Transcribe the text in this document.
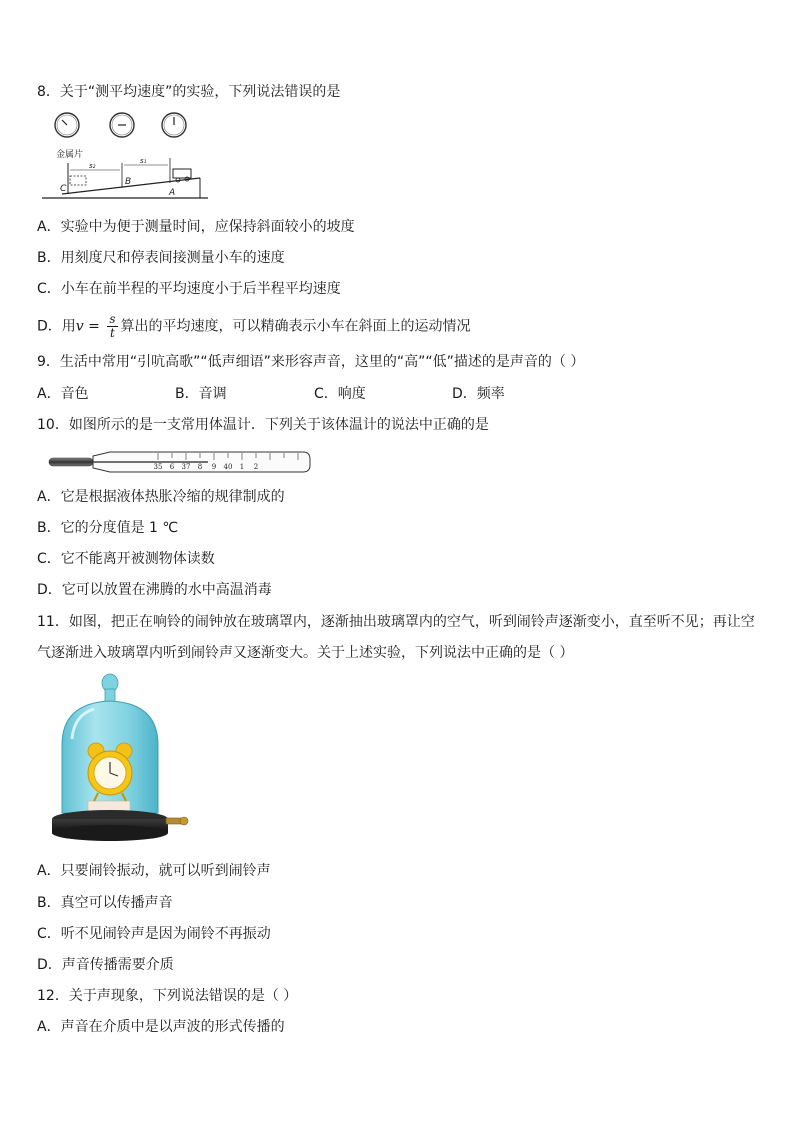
8．关于“测平均速度”的实验，下列说法错误的是
金属片
s₂
s₁
C
B
A
A．实验中为便于测量时间，应保持斜面较小的坡度
B．用刻度尺和停表间接测量小车的速度
C．小车在前半程的平均速度小于后半程平均速度
D．用$v = \frac{s}{t}$ 算出的平均速度，可以精确表示小车在斜面上的运动情况
9．生活中常用“引吭高歌”“低声细语”来形容声音，这里的“高”“低”描述的是声音的（ ）
A．音色	B．音调	C．响度	D．频率
10．如图所示的是一支常用体温计．下列关于该体温计的说法中正确的是
35 6 37 8 9 40 1 2
A．它是根据液体热胀冷缩的规律制成的
B．它的分度值是 1 ℃
C．它不能离开被测物体读数
D．它可以放置在沸腾的水中高温消毒
11．如图，把正在响铃的闹钟放在玻璃罩内，逐渐抽出玻璃罩内的空气，听到闹铃声逐渐变小，直至听不见；再让空
气逐渐进入玻璃罩内听到闹铃声又逐渐变大。关于上述实验，下列说法中正确的是（ ）
A．只要闹铃振动，就可以听到闹铃声
B．真空可以传播声音
C．听不见闹铃声是因为闹铃不再振动
D．声音传播需要介质
12．关于声现象，下列说法错误的是（ ）
A．声音在介质中是以声波的形式传播的
